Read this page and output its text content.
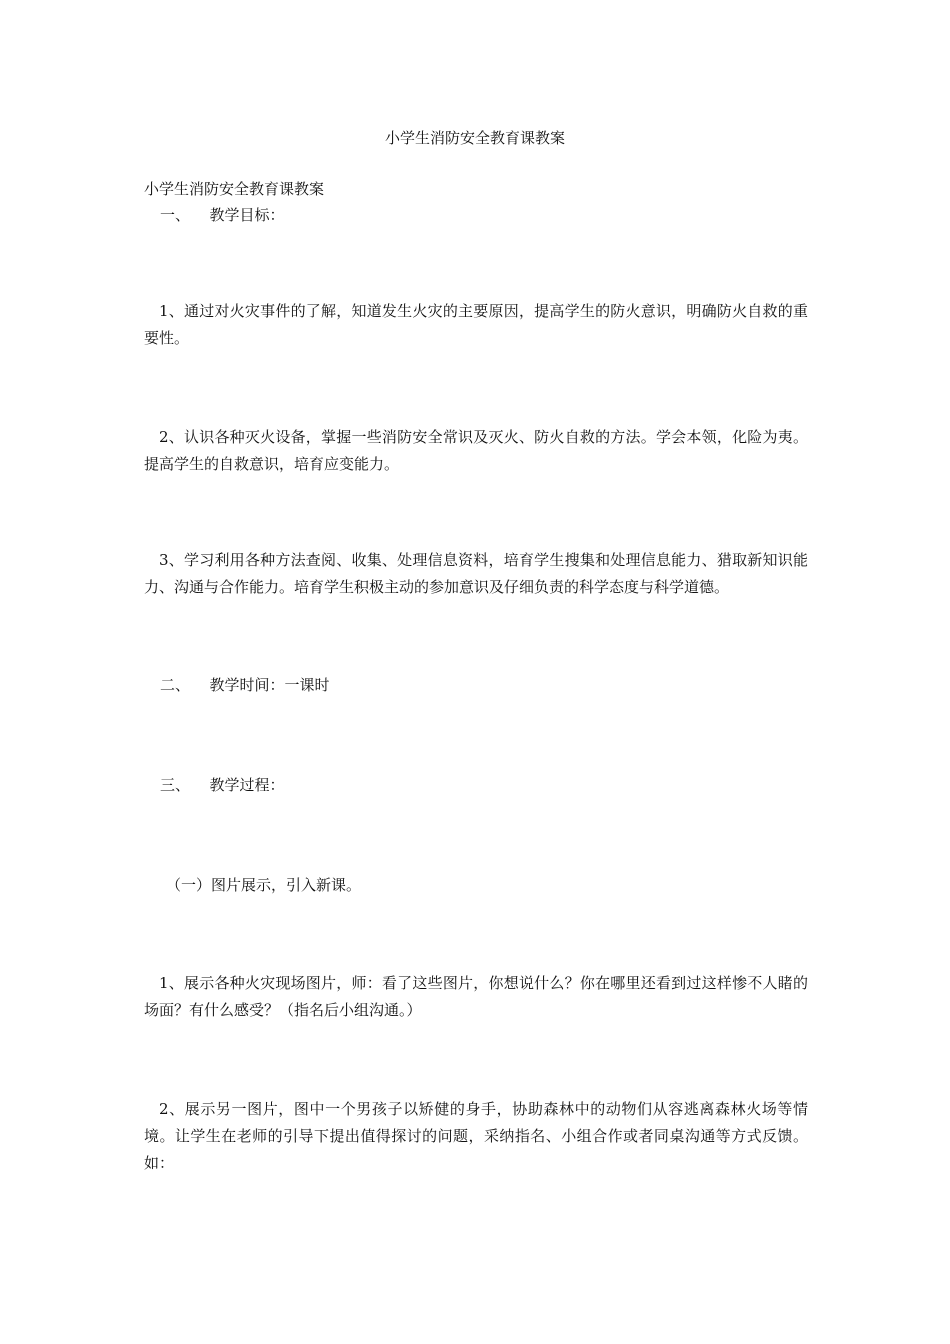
小学生消防安全教育课教案
小学生消防安全教育课教案
一、 教学目标：
1、通过对火灾事件的了解，知道发生火灾的主要原因，提高学生的防火意识，明确防火自救的重要性。
2、认识各种灭火设备，掌握一些消防安全常识及灭火、防火自救的方法。学会本领，化险为夷。提高学生的自救意识，培育应变能力。
3、学习利用各种方法查阅、收集、处理信息资料，培育学生搜集和处理信息能力、猎取新知识能力、沟通与合作能力。培育学生积极主动的参加意识及仔细负责的科学态度与科学道德。
二、 教学时间：一课时
三、 教学过程：
（一）图片展示，引入新课。
1、展示各种火灾现场图片，师：看了这些图片，你想说什么？你在哪里还看到过这样惨不人睹的场面？有什么感受？（指名后小组沟通。）
2、展示另一图片，图中一个男孩子以矫健的身手，协助森林中的动物们从容逃离森林火场等情境。让学生在老师的引导下提出值得探讨的问题，采纳指名、小组合作或者同桌沟通等方式反馈。如：
